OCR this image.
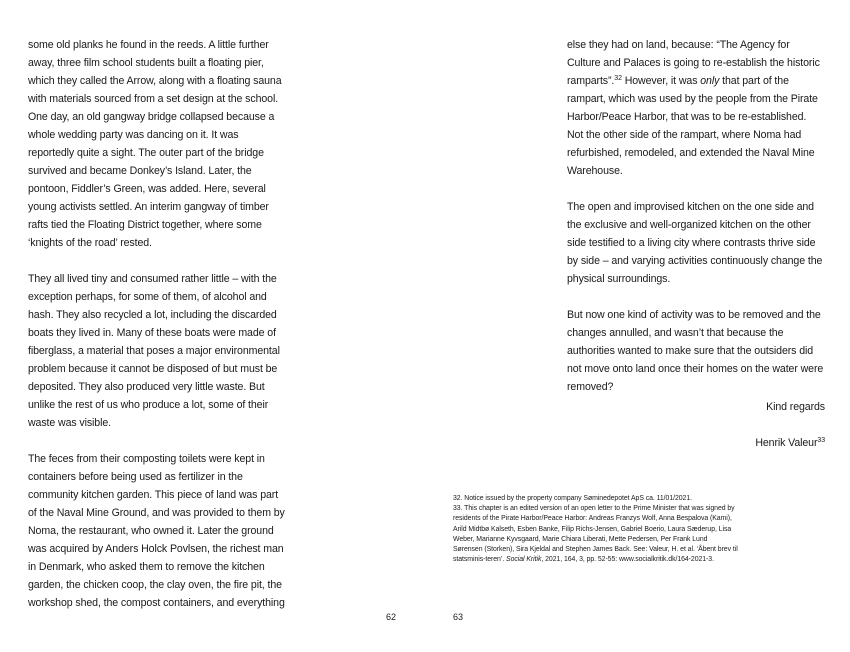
some old planks he found in the reeds. A little further away, three film school students built a floating pier, which they called the Arrow, along with a floating sauna with materials sourced from a set design at the school. One day, an old gangway bridge collapsed because a whole wedding party was dancing on it. It was reportedly quite a sight. The outer part of the bridge survived and became Donkey’s Island. Later, the pontoon, Fiddler’s Green, was added. Here, several young activists settled. An interim gangway of timber rafts tied the Floating District together, where some ‘knights of the road’ rested.

They all lived tiny and consumed rather little – with the exception perhaps, for some of them, of alcohol and hash. They also recycled a lot, including the discarded boats they lived in. Many of these boats were made of fiberglass, a material that poses a major environmental problem because it cannot be disposed of but must be deposited. They also produced very little waste. But unlike the rest of us who produce a lot, some of their waste was visible.

The feces from their composting toilets were kept in containers before being used as fertilizer in the community kitchen garden. This piece of land was part of the Naval Mine Ground, and was provided to them by Noma, the restaurant, who owned it. Later the ground was acquired by Anders Holck Povlsen, the richest man in Denmark, who asked them to remove the kitchen garden, the chicken coop, the clay oven, the fire pit, the workshop shed, the compost containers, and everything

62

else they had on land, because: “The Agency for Culture and Palaces is going to re-establish the historic ramparts”.$^{32}$ However, it was only that part of the rampart, which was used by the people from the Pirate Harbor/Peace Harbor, that was to be re-established. Not the other side of the rampart, where Noma had refurbished, remodeled, and extended the Naval Mine Warehouse.

The open and improvised kitchen on the one side and the exclusive and well-organized kitchen on the other side testified to a living city where contrasts thrive side by side – and varying activities continuously change the physical surroundings.

But now one kind of activity was to be removed and the changes annulled, and wasn’t that because the authorities wanted to make sure that the outsiders did not move onto land once their homes on the water were removed?

Kind regards

Henrik Valeur$^{33}$

32. Notice issued by the property company Søminedepotet ApS ca. 11/01/2021.

33. This chapter is an edited version of an open letter to the Prime Minister that was signed by residents of the Pirate Harbor/Peace Harbor: Andreas Franzys Wolf, Anna Bespalova (Kami), Arild Midtbø Kalseth, Esben Banke, Filip Richs-Jensen, Gabriel Boerio, Laura Sæderup, Lisa Weber, Marianne Kyvsgaard, Marie Chiara Liberati, Mette Pedersen, Per Frank Lund Sørensen (Storken), Sira Kjeldal and Stephen James Back. See: Valeur, H. et al. ‘Åbent brev til statsminis-teren’. Social Kritik, 2021, 164, 3, pp. 52-55: www.socialkritik.dk/164-2021-3.

63
